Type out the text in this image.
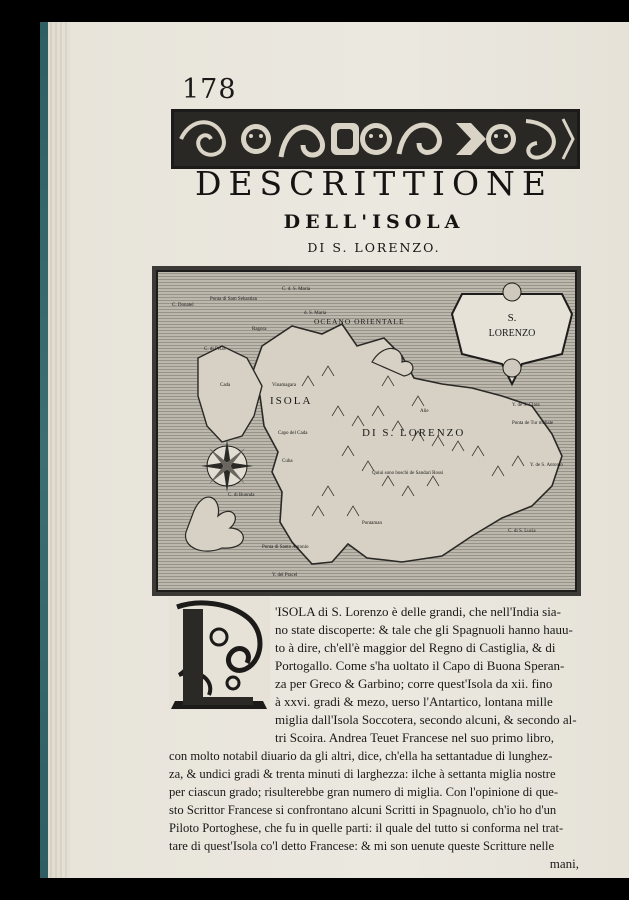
178
DESCRITTIONE
DELL'ISOLA
DI S. LORENZO.
S.
LORENZO
OCEANO ORIENTALE
C. Donatel
Ponta di Sam Sebastian
C. d. S. Maria
d. S. Maria
Ragora
C. di Pelas
Cada	Vinamagara
Capo del Cada
Cuba
Alie
Quiui sono boschi de Sandari Rossi
Ponta de Tur mebate
Y. de S. Clara
Y. de S. Antonio
C. di Buonda
Ponta di Santo Antonio
Y. del Pracel
Pontaman
C. di S. Lucia
ISOLA
DI S. LORENZO
'ISOLA di S. Lorenzo è delle grandi, che nell'India sia-
no state discoperte: & tale che gli Spagnuoli hanno hauu-
to à dire, ch'ell'è maggior del Regno di Castiglia, & di
Portogallo. Come s'ha uoltato il Capo di Buona Speran-
za per Greco & Garbino; corre quest'Isola da xii. fino
à xxvi. gradi & mezo, uerso l'Antartico, lontana mille
miglia dall'Isola Soccotera, secondo alcuni, & secondo al-
tri Scoira. Andrea Teuet Francese nel suo primo libro,
con molto notabil diuario da gli altri, dice, ch'ella ha settantadue di lunghez-
za, & undici gradi & trenta minuti di larghezza: ilche à settanta miglia nostre
per ciascun grado; risulterebbe gran numero di miglia. Con l'opinione di que-
sto Scrittor Francese si confrontano alcuni Scritti in Spagnuolo, ch'io ho d'un
Piloto Portoghese, che fu in quelle parti: il quale del tutto si conforma nel trat-
tare di quest'Isola co'l detto Francese: & mi son uenute queste Scritture nelle
mani,
